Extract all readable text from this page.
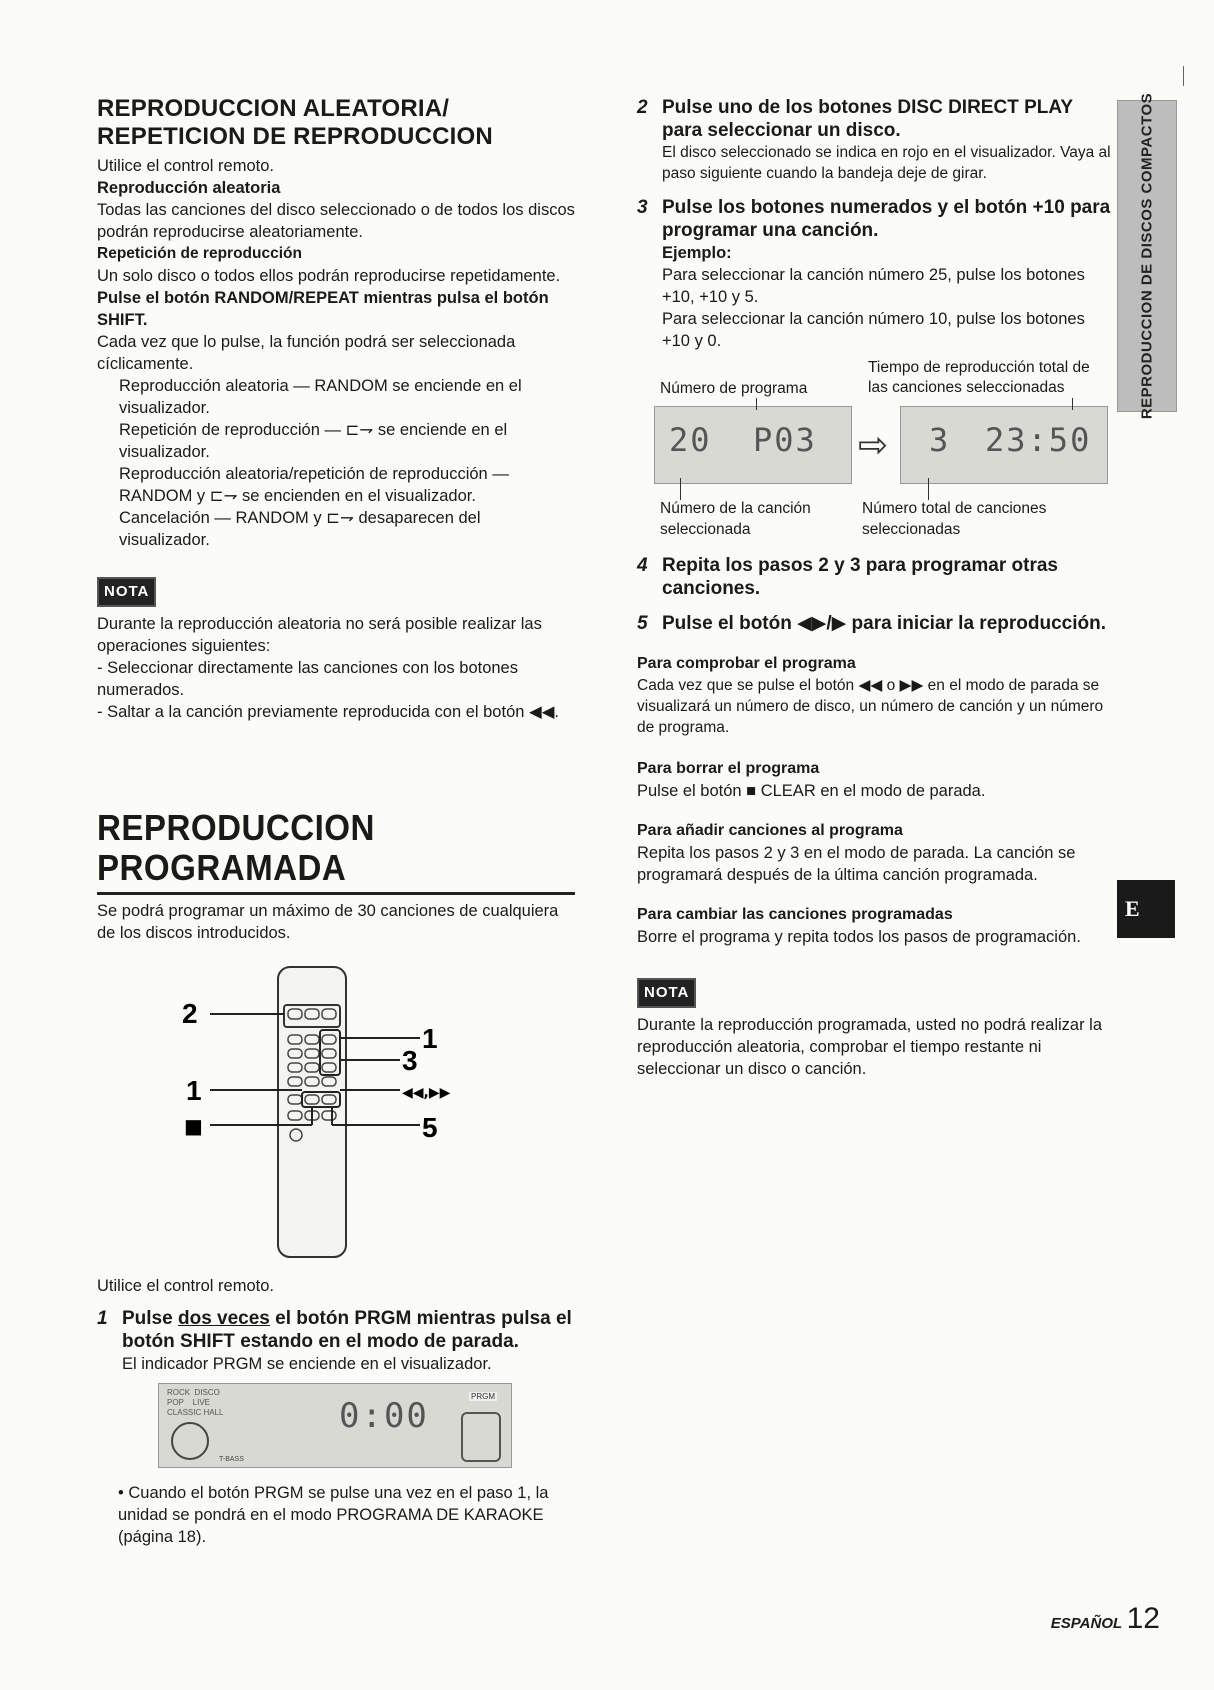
REPRODUCCION ALEATORIA/
REPETICION DE REPRODUCCION

Utilice el control remoto.

Reproducción aleatoria

Todas las canciones del disco seleccionado o de todos los discos podrán reproducirse aleatoriamente.

Repetición de reproducción

Un solo disco o todos ellos podrán reproducirse repetidamente.

Pulse el botón RANDOM/REPEAT mientras pulsa el botón SHIFT.

Cada vez que lo pulse, la función podrá ser seleccionada cíclicamente.

Reproducción aleatoria — RANDOM se enciende en el visualizador.

Repetición de reproducción — ⊏⇁ se enciende en el visualizador.

Reproducción aleatoria/repetición de reproducción — RANDOM y ⊏⇁ se encienden en el visualizador.

Cancelación — RANDOM y ⊏⇁ desaparecen del visualizador.

NOTA

Durante la reproducción aleatoria no será posible realizar las operaciones siguientes:

- Seleccionar directamente las canciones con los botones numerados.

- Saltar a la canción previamente reproducida con el botón ◀◀.

REPRODUCCION PROGRAMADA

Se podrá programar un máximo de 30 canciones de cualquiera de los discos introducidos.

2
1
■
1
3
◀◀,▶▶
5

Utilice el control remoto.

1 Pulse dos veces el botón PRGM mientras pulsa el botón SHIFT estando en el modo de parada.

El indicador PRGM se enciende en el visualizador.

ROCK  DISCO
POP    LIVE
CLASSIC HALL	0:00	PRGM
T-BASS

• Cuando el botón PRGM se pulse una vez en el paso 1, la unidad se pondrá en el modo PROGRAMA DE KARAOKE (página 18).

2 Pulse uno de los botones DISC DIRECT PLAY para seleccionar un disco.

El disco seleccionado se indica en rojo en el visualizador. Vaya al paso siguiente cuando la bandeja deje de girar.

3 Pulse los botones numerados y el botón +10 para programar una canción.

Ejemplo:

Para seleccionar la canción número 25, pulse los botones +10, +10 y 5.

Para seleccionar la canción número 10, pulse los botones +10 y 0.

Tiempo de reproducción total de las canciones seleccionadas
Número de programa
20 P03 ⇨ 3 23:50
Número de la canción seleccionada
Número total de canciones seleccionadas
4 Repita los pasos 2 y 3 para programar otras canciones.
5 Pulse el botón ◀▶/▶ para iniciar la reproducción.

Para comprobar el programa

Cada vez que se pulse el botón ◀◀ o ▶▶ en el modo de parada se visualizará un número de disco, un número de canción y un número de programa.

Para borrar el programa

Pulse el botón ■ CLEAR en el modo de parada.

Para añadir canciones al programa

Repita los pasos 2 y 3 en el modo de parada. La canción se programará después de la última canción programada.

Para cambiar las canciones programadas

Borre el programa y repita todos los pasos de programación.

NOTA

Durante la reproducción programada, usted no podrá realizar la reproducción aleatoria, comprobar el tiempo restante ni seleccionar un disco o canción.

REPRODUCCION DE DISCOS COMPACTOS
E
ESPAÑOL 12
